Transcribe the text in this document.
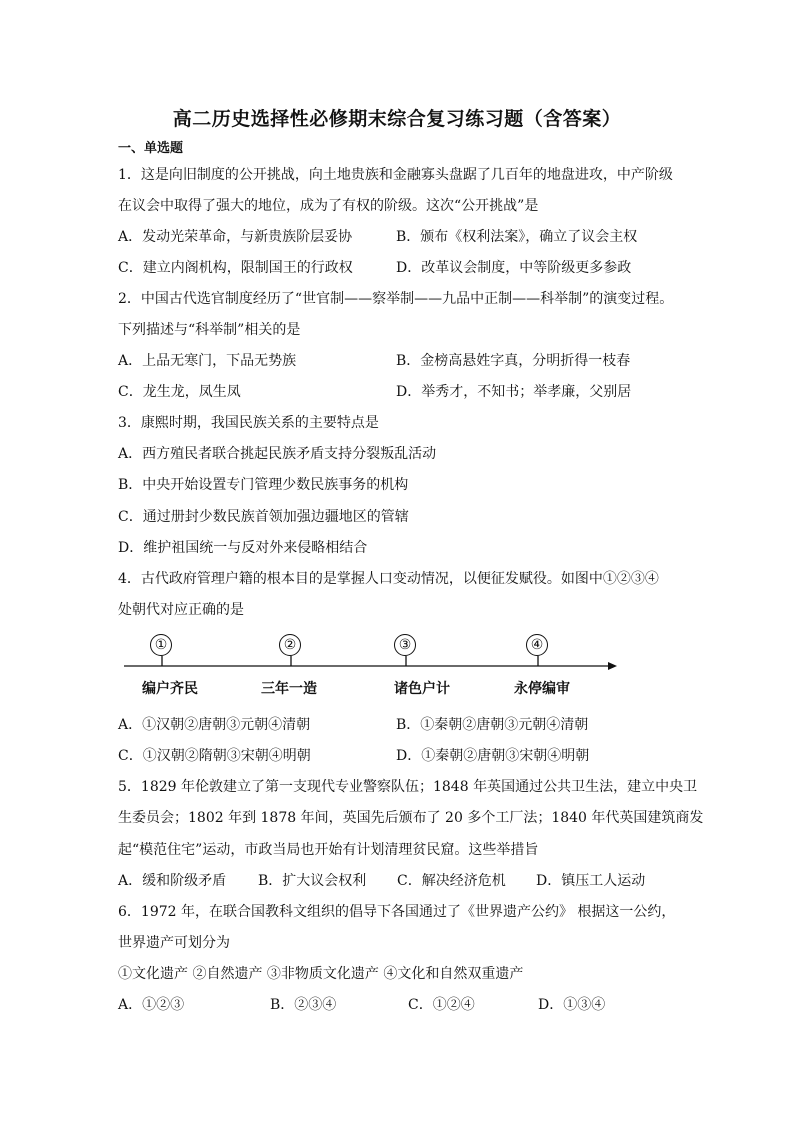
高二历史选择性必修期末综合复习练习题（含答案）
一、单选题
1．这是向旧制度的公开挑战，向土地贵族和金融寡头盘踞了几百年的地盘进攻，中产阶级
在议会中取得了强大的地位，成为了有权的阶级。这次“公开挑战”是
A．发动光荣革命，与新贵族阶层妥协	B．颁布《权利法案》，确立了议会主权
C．建立内阁机构，限制国王的行政权	D．改革议会制度，中等阶级更多参政
2．中国古代选官制度经历了“世官制——察举制——九品中正制——科举制”的演变过程。
下列描述与“科举制”相关的是
A．上品无寒门，下品无势族	B．金榜高悬姓字真，分明折得一枝春
C．龙生龙，凤生凤	D．举秀才，不知书；举孝廉，父别居
3．康熙时期，我国民族关系的主要特点是
A．西方殖民者联合挑起民族矛盾支持分裂叛乱活动
B．中央开始设置专门管理少数民族事务的机构
C．通过册封少数民族首领加强边疆地区的管辖
D．维护祖国统一与反对外来侵略相结合
4．古代政府管理户籍的根本目的是掌握人口变动情况，以便征发赋役。如图中①②③④
处朝代对应正确的是
①	②	③	④
编户齐民	三年一造	诸色户计	永停编审
A．①汉朝②唐朝③元朝④清朝	B．①秦朝②唐朝③元朝④清朝
C．①汉朝②隋朝③宋朝④明朝	D．①秦朝②唐朝③宋朝④明朝
5．1829 年伦敦建立了第一支现代专业警察队伍；1848 年英国通过公共卫生法，建立中央卫
生委员会；1802 年到 1878 年间，英国先后颁布了 20 多个工厂法；1840 年代英国建筑商发
起“模范住宅”运动，市政当局也开始有计划清理贫民窟。这些举措旨
A．缓和阶级矛盾 B．扩大议会权利 C．解决经济危机 D．镇压工人运动
6．1972 年，在联合国教科文组织的倡导下各国通过了《世界遗产公约》 根据这一公约，
世界遗产可划分为
①文化遗产 ②自然遗产 ③非物质文化遗产 ④文化和自然双重遗产
A．①②③	B．②③④	C．①②④	D．①③④
